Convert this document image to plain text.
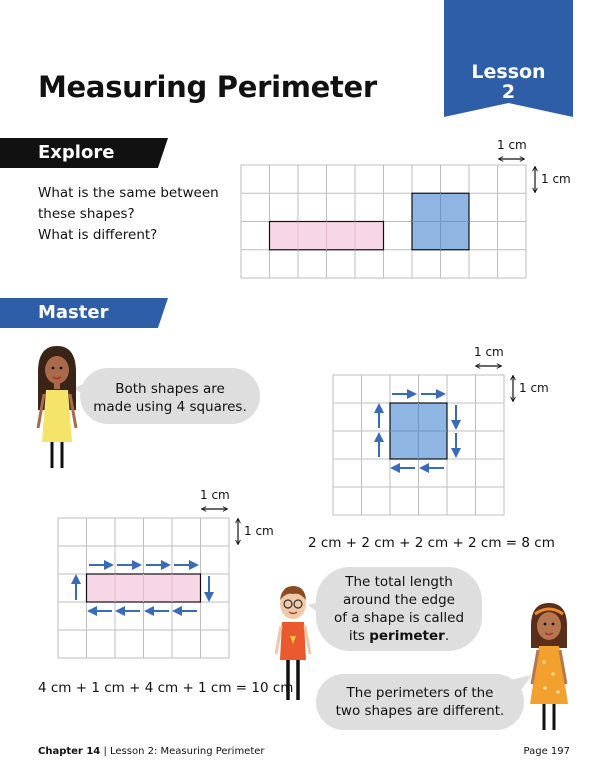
Lesson
2
Measuring Perimeter
Explore
Master
What is the same between
these shapes?
What is different?
1 cm
1 cm
1 cm
1 cm
1 cm
1 cm
Both shapes are
made using 4 squares.
The total length
around the edge
of a shape is called
its perimeter.
The perimeters of the
two shapes are different.
2 cm + 2 cm + 2 cm + 2 cm = 8 cm
4 cm + 1 cm + 4 cm + 1 cm = 10 cm
Chapter 14 | Lesson 2: Measuring Perimeter	Page 197
